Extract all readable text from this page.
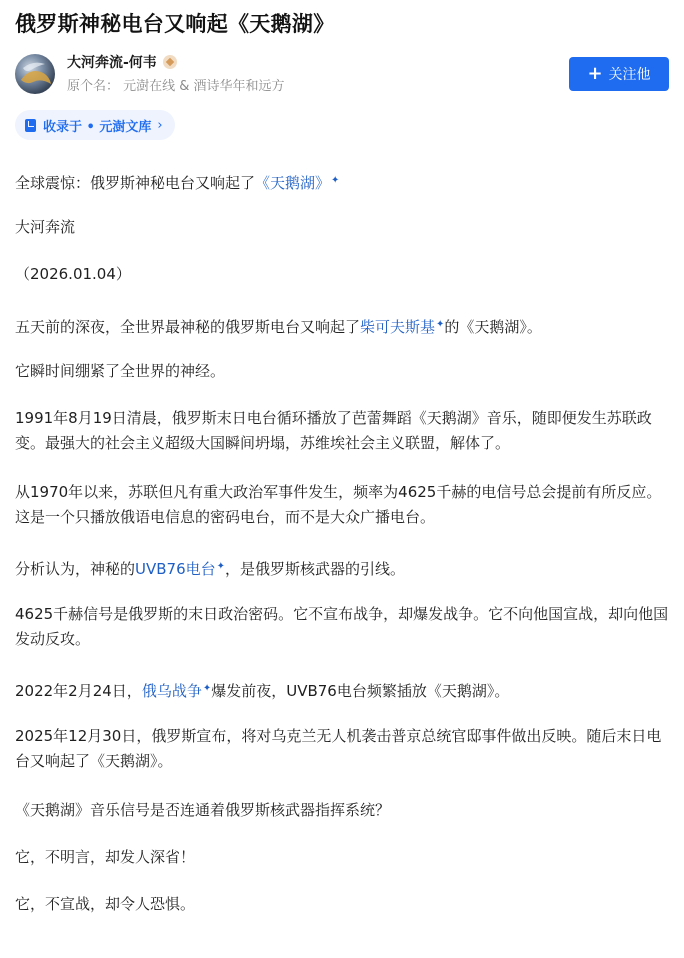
俄罗斯神秘电台又响起《天鹅湖》
大河奔流-何韦
原个名： 元澍在线 & 酒诗华年和远方
+ 关注他
收录于 • 元澍文库 ›

全球震惊：俄罗斯神秘电台又响起了《天鹅湖》✦

大河奔流

（2026.01.04）

五天前的深夜，全世界最神秘的俄罗斯电台又响起了柴可夫斯基✦的《天鹅湖》。

它瞬时间绷紧了全世界的神经。

1991年8月19日清晨，俄罗斯末日电台循环播放了芭蕾舞蹈《天鹅湖》音乐，随即便发生苏联政变。最强大的社会主义超级大国瞬间坍塌，苏维埃社会主义联盟，解体了。

从1970年以来，苏联但凡有重大政治军事件发生，频率为4625千赫的电信号总会提前有所反应。这是一个只播放俄语电信息的密码电台，而不是大众广播电台。

分析认为，神秘的UVB76电台✦，是俄罗斯核武器的引线。

4625千赫信号是俄罗斯的末日政治密码。它不宣布战争，却爆发战争。它不向他国宣战，却向他国发动反攻。

2022年2月24日，俄乌战争✦爆发前夜，UVB76电台频繁插放《天鹅湖》。

2025年12月30日，俄罗斯宣布，将对乌克兰无人机袭击普京总统官邸事件做出反映。随后末日电台又响起了《天鹅湖》。

《天鹅湖》音乐信号是否连通着俄罗斯核武器指挥系统？

它，不明言，却发人深省！

它，不宣战，却令人恐惧。
